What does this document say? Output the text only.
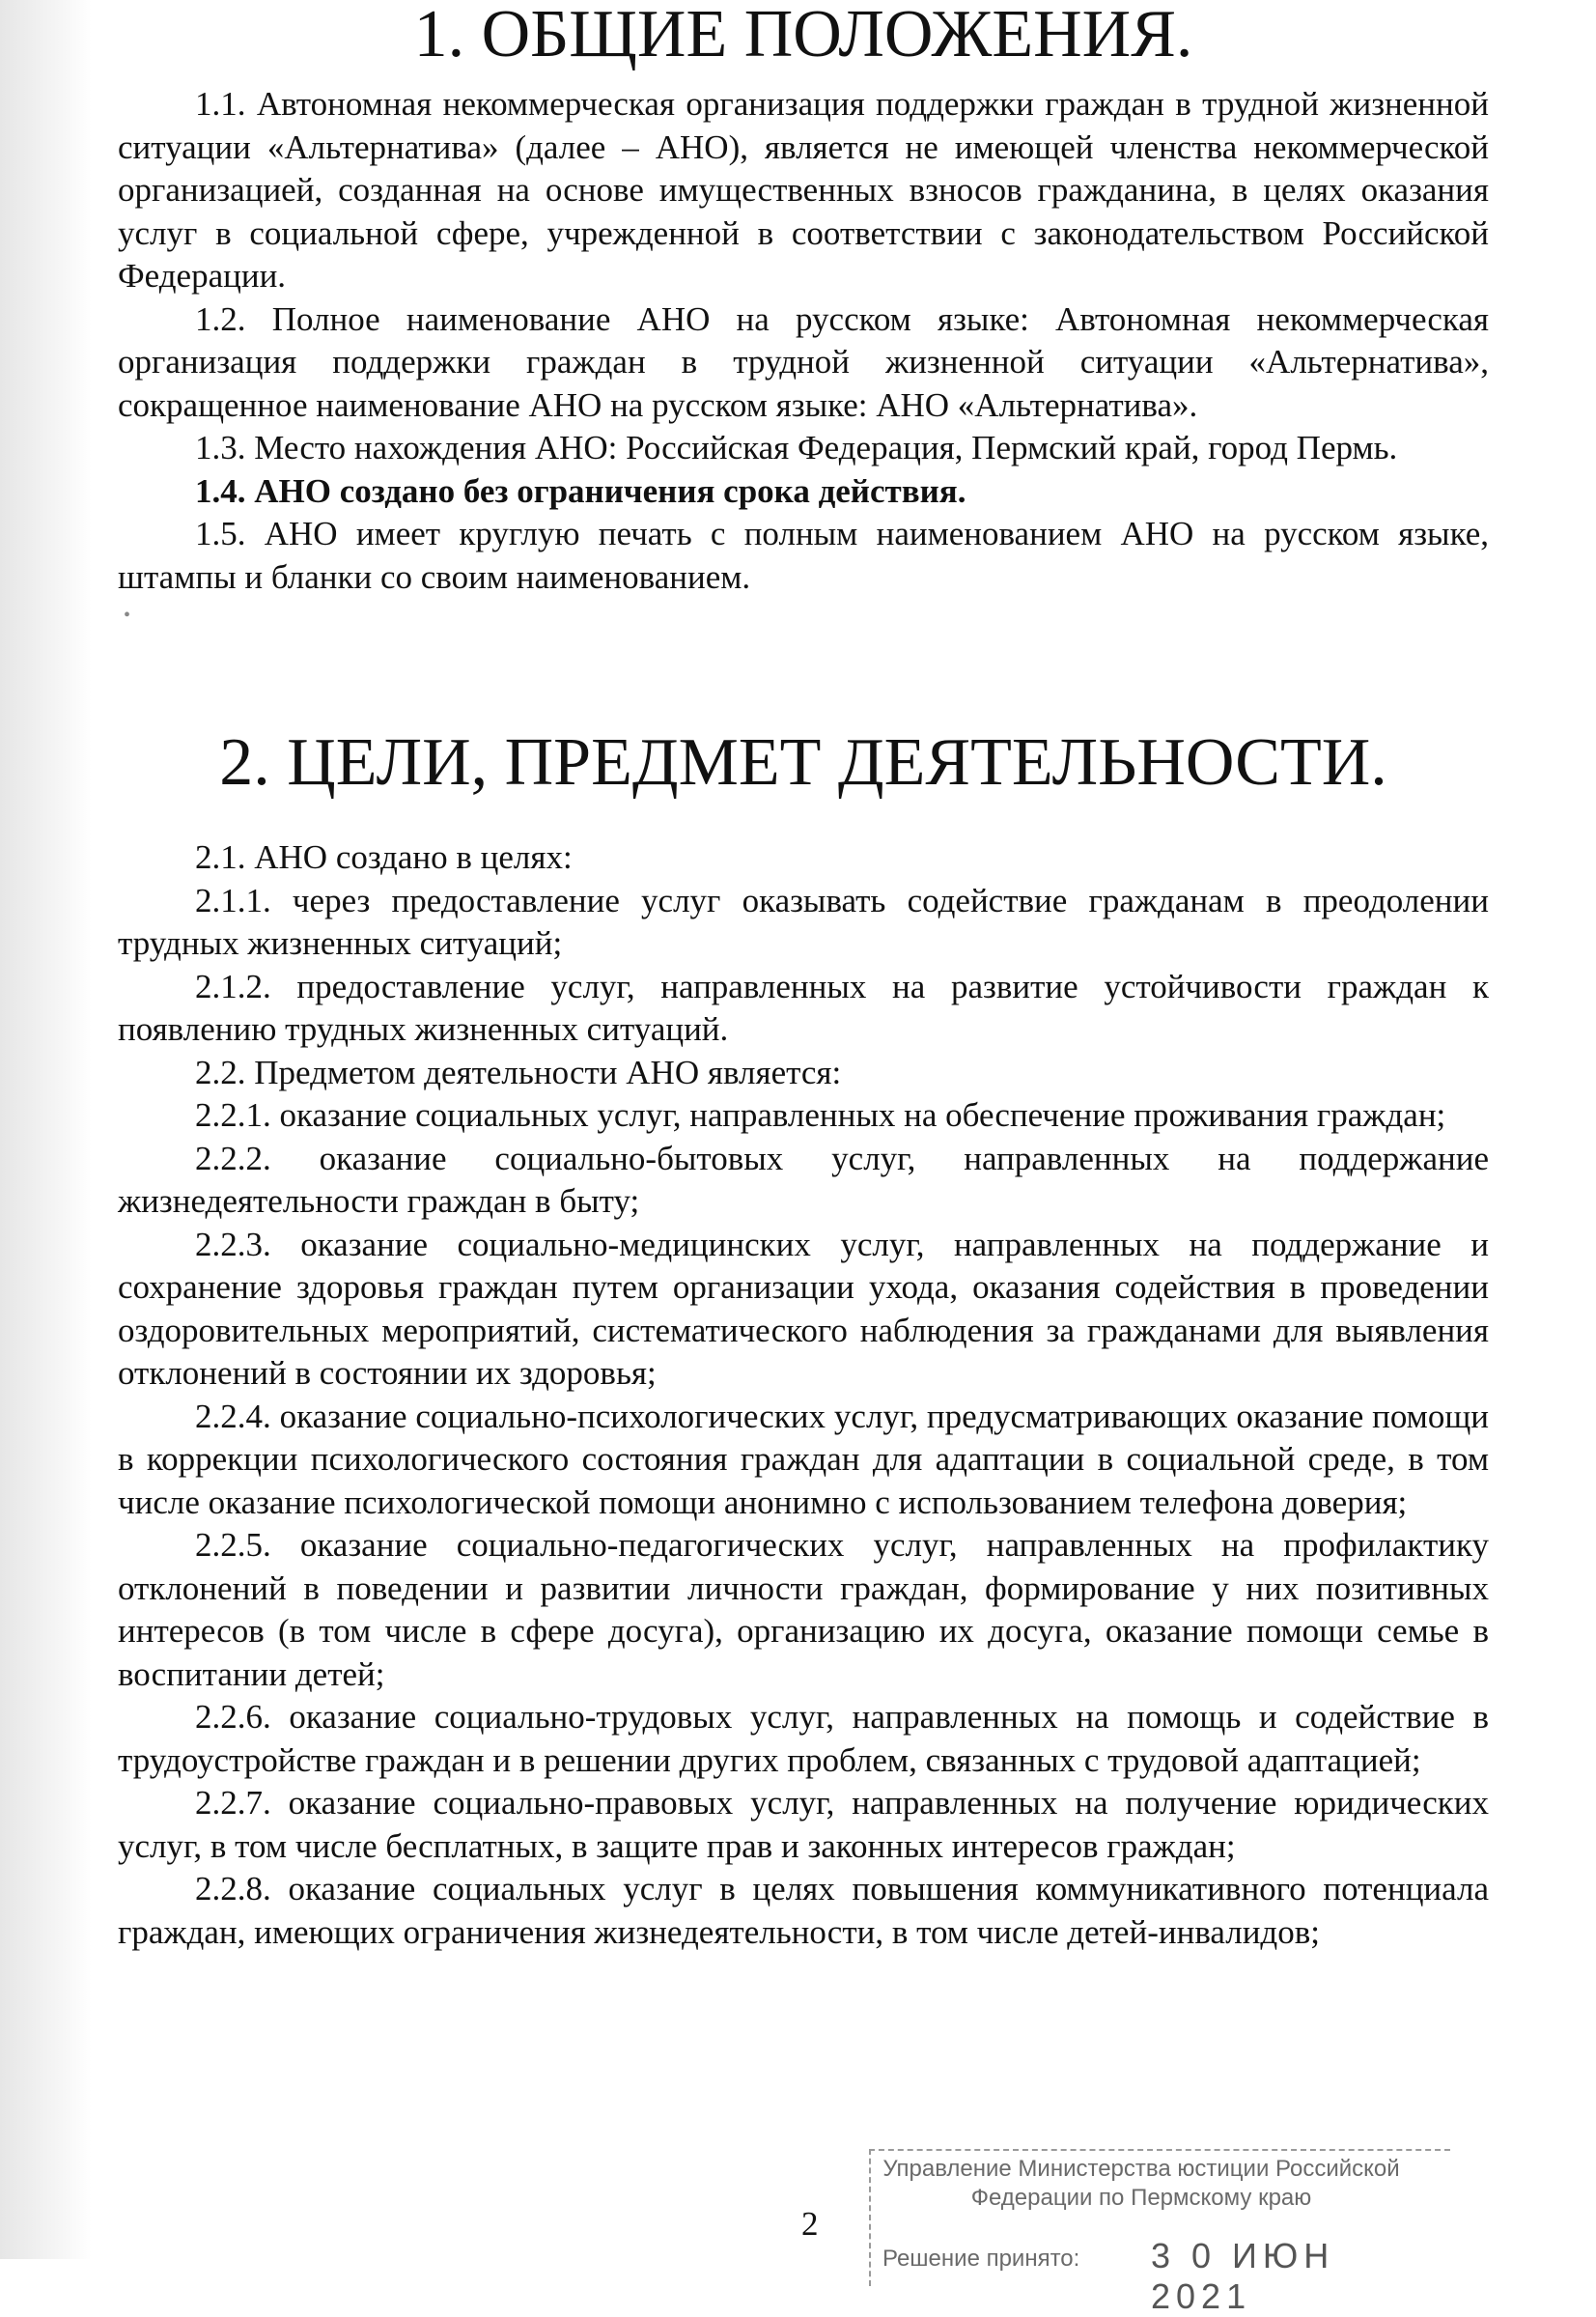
•
1. ОБЩИЕ ПОЛОЖЕНИЯ.

1.1. Автономная некоммерческая организация поддержки граждан в трудной жизненной ситуации «Альтернатива» (далее – АНО), является не имеющей членства некоммерческой организацией, созданная на основе имущественных взносов гражданина, в целях оказания услуг в социальной сфере, учрежденной в соответствии с законодательством Российской Федерации.

1.2. Полное наименование АНО на русском языке: Автономная некоммерческая организация поддержки граждан в трудной жизненной ситуации «Альтернатива», сокращенное наименование АНО на русском языке: АНО «Альтернатива».

1.3. Место нахождения АНО: Российская Федерация, Пермский край, город Пермь.

1.4. АНО создано без ограничения срока действия.

1.5. АНО имеет круглую печать с полным наименованием АНО на русском языке, штампы и бланки со своим наименованием.

2. ЦЕЛИ, ПРЕДМЕТ ДЕЯТЕЛЬНОСТИ.

2.1. АНО создано в целях:

2.1.1. через предоставление услуг оказывать содействие гражданам в преодолении трудных жизненных ситуаций;

2.1.2. предоставление услуг, направленных на развитие устойчивости граждан к появлению трудных жизненных ситуаций.

2.2. Предметом деятельности АНО является:

2.2.1. оказание социальных услуг, направленных на обеспечение проживания граждан;

2.2.2. оказание социально-бытовых услуг, направленных на поддержание жизнедеятельности граждан в быту;

2.2.3. оказание социально-медицинских услуг, направленных на поддержание и сохранение здоровья граждан путем организации ухода, оказания содействия в проведении оздоровительных мероприятий, систематического наблюдения за гражданами для выявления отклонений в состоянии их здоровья;

2.2.4. оказание социально-психологических услуг, предусматривающих оказание помощи в коррекции психологического состояния граждан для адаптации в социальной среде, в том числе оказание психологической помощи анонимно с использованием телефона доверия;

2.2.5. оказание социально-педагогических услуг, направленных на профилактику отклонений в поведении и развитии личности граждан, формирование у них позитивных интересов (в том числе в сфере досуга), организацию их досуга, оказание помощи семье в воспитании детей;

2.2.6. оказание социально-трудовых услуг, направленных на помощь и содействие в трудоустройстве граждан и в решении других проблем, связанных с трудовой адаптацией;

2.2.7. оказание социально-правовых услуг, направленных на получение юридических услуг, в том числе бесплатных, в защите прав и законных интересов граждан;

2.2.8. оказание социальных услуг в целях повышения коммуникативного потенциала граждан, имеющих ограничения жизнедеятельности, в том числе детей-инвалидов;

2
Управление Министерства юстиции Российской
Федерации по Пермскому краю
Решение принято: 3 0 ИЮН 2021
